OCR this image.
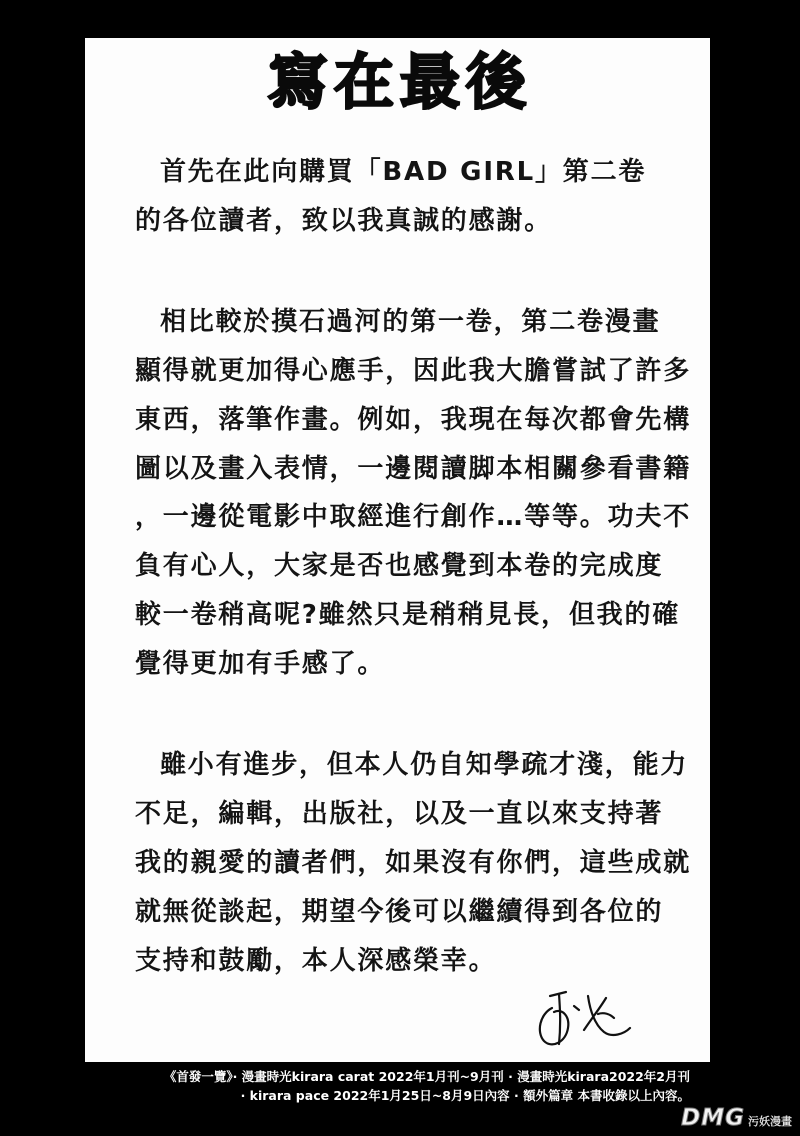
寫在最後
首先在此向購買「BAD GIRL」第二卷
的各位讀者，致以我真誠的感謝。
相比較於摸石過河的第一卷，第二卷漫畫
顯得就更加得心應手，因此我大膽嘗試了許多
東西，落筆作畫。例如，我現在每次都會先構
圖以及畫入表情，一邊閱讀脚本相關參看書籍
，一邊從電影中取經進行創作…等等。功夫不
負有心人，大家是否也感覺到本卷的完成度
較一卷稍高呢?雖然只是稍稍見長，但我的確
覺得更加有手感了。
雖小有進步，但本人仍自知學疏才淺，能力
不足，編輯，出版社，以及一直以來支持著
我的親愛的讀者們，如果沒有你們，這些成就
就無從談起，期望今後可以繼續得到各位的
支持和鼓勵，本人深感榮幸。
《首發一覽》· 漫畫時光kirara carat 2022年1月刊~9月刊 · 漫畫時光kirara2022年2月刊
· kirara pace 2022年1月25日~8月9日內容 · 額外篇章 本書收錄以上內容。
DMG 污妖漫畫
